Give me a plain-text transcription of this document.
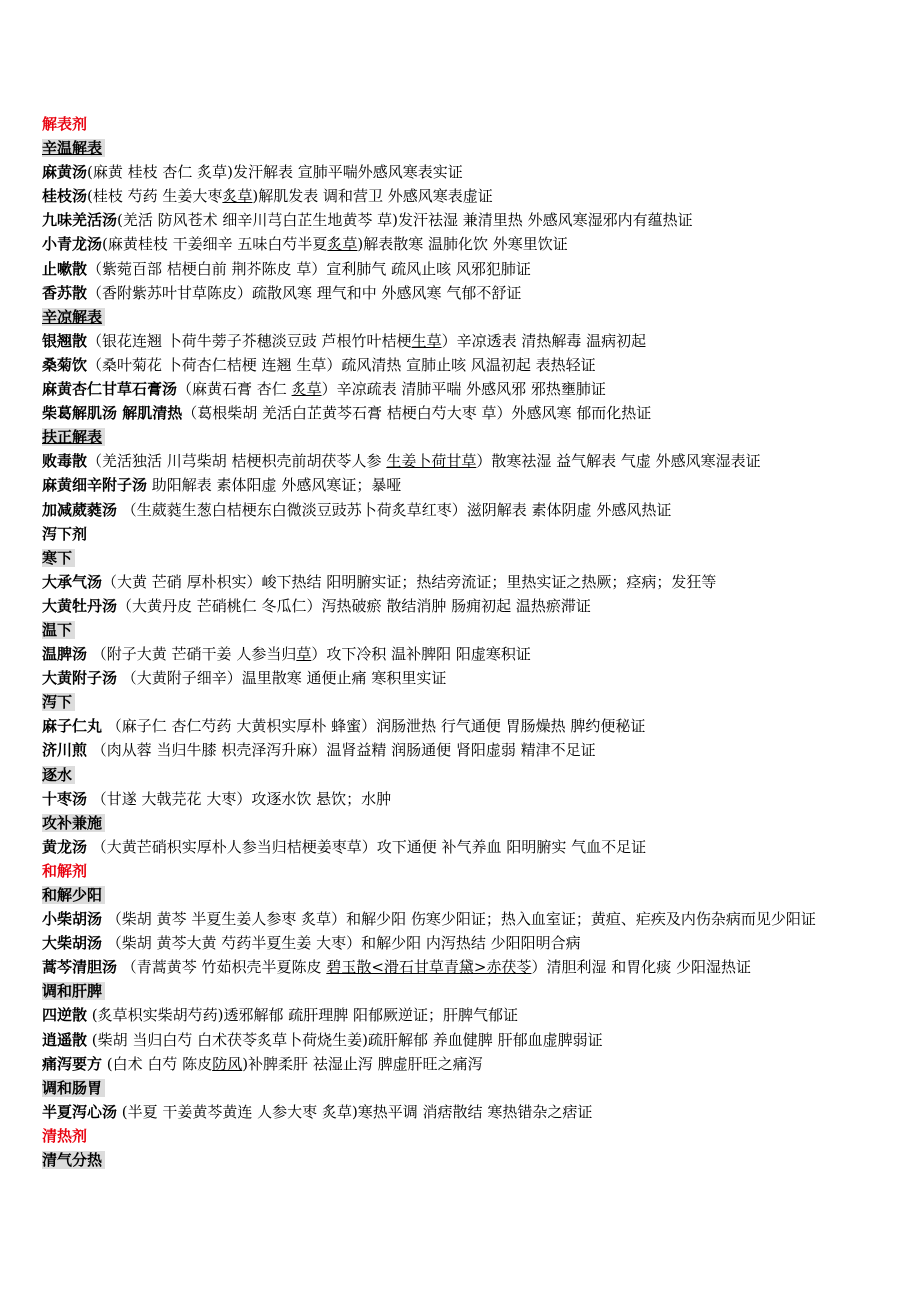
解表剂
辛温解表
麻黄汤(麻黄 桂枝 杏仁 炙草)发汗解表 宣肺平喘外感风寒表实证
桂枝汤(桂枝 芍药 生姜大枣炙草)解肌发表 调和营卫 外感风寒表虚证
九味羌活汤(羌活 防风苍术 细辛川芎白芷生地黄芩 草)发汗祛湿 兼清里热 外感风寒湿邪内有蕴热证
小青龙汤(麻黄桂枝 干姜细辛 五味白芍半夏炙草)解表散寒 温肺化饮 外寒里饮证
止嗽散（紫菀百部 桔梗白前 荆芥陈皮 草）宣利肺气 疏风止咳 风邪犯肺证
香苏散（香附紫苏叶甘草陈皮）疏散风寒 理气和中 外感风寒 气郁不舒证
辛凉解表
银翘散（银花连翘 卜荷牛蒡子芥穗淡豆豉 芦根竹叶桔梗生草）辛凉透表 清热解毒 温病初起
桑菊饮（桑叶菊花 卜荷杏仁桔梗 连翘 生草）疏风清热 宣肺止咳 风温初起 表热轻证
麻黄杏仁甘草石膏汤（麻黄石膏 杏仁 炙草）辛凉疏表 清肺平喘 外感风邪 邪热壅肺证
柴葛解肌汤 解肌清热（葛根柴胡 羌活白芷黄芩石膏 桔梗白芍大枣 草）外感风寒 郁而化热证
扶正解表
败毒散（羌活独活 川芎柴胡 桔梗枳壳前胡茯苓人参 生姜卜荷甘草）散寒祛湿 益气解表 气虚 外感风寒湿表证
麻黄细辛附子汤 助阳解表 素体阳虚 外感风寒证；暴哑
加减葳蕤汤 （生葳蕤生葱白桔梗东白微淡豆豉苏卜荷炙草红枣）滋阴解表 素体阴虚 外感风热证
泻下剂
寒下
大承气汤（大黄 芒硝 厚朴枳实）峻下热结 阳明腑实证；热结旁流证；里热实证之热厥；痉病；发狂等
大黄牡丹汤（大黄丹皮 芒硝桃仁 冬瓜仁）泻热破瘀 散结消肿 肠痈初起 温热瘀滞证
温下
温脾汤 （附子大黄 芒硝干姜 人参当归草）攻下冷积 温补脾阳 阳虚寒积证
大黄附子汤 （大黄附子细辛）温里散寒 通便止痛 寒积里实证
泻下
麻子仁丸 （麻子仁 杏仁芍药 大黄枳实厚朴 蜂蜜）润肠泄热 行气通便 胃肠燥热 脾约便秘证
济川煎 （肉从蓉 当归牛膝 枳壳泽泻升麻）温肾益精 润肠通便 肾阳虚弱 精津不足证
逐水
十枣汤 （甘遂 大戟芫花 大枣）攻逐水饮 悬饮；水肿
攻补兼施
黄龙汤 （大黄芒硝枳实厚朴人参当归桔梗姜枣草）攻下通便 补气养血 阳明腑实 气血不足证
和解剂
和解少阳
小柴胡汤 （柴胡 黄芩 半夏生姜人参枣 炙草）和解少阳 伤寒少阳证；热入血室证；黄疸、疟疾及内伤杂病而见少阳证
大柴胡汤 （柴胡 黄芩大黄 芍药半夏生姜 大枣）和解少阳 内泻热结 少阳阳明合病
蒿芩清胆汤 （青蒿黄芩 竹茹枳壳半夏陈皮 碧玉散<滑石甘草青黛>赤茯苓）清胆利湿 和胃化痰 少阳湿热证
调和肝脾
四逆散 (炙草枳实柴胡芍药)透邪解郁 疏肝理脾 阳郁厥逆证；肝脾气郁证
逍遥散 (柴胡 当归白芍 白术茯苓炙草卜荷烧生姜)疏肝解郁 养血健脾 肝郁血虚脾弱证
痛泻要方 (白术 白芍 陈皮防风)补脾柔肝 祛湿止泻 脾虚肝旺之痛泻
调和肠胃
半夏泻心汤 (半夏 干姜黄芩黄连 人参大枣 炙草)寒热平调 消痞散结 寒热错杂之痞证
清热剂
清气分热
